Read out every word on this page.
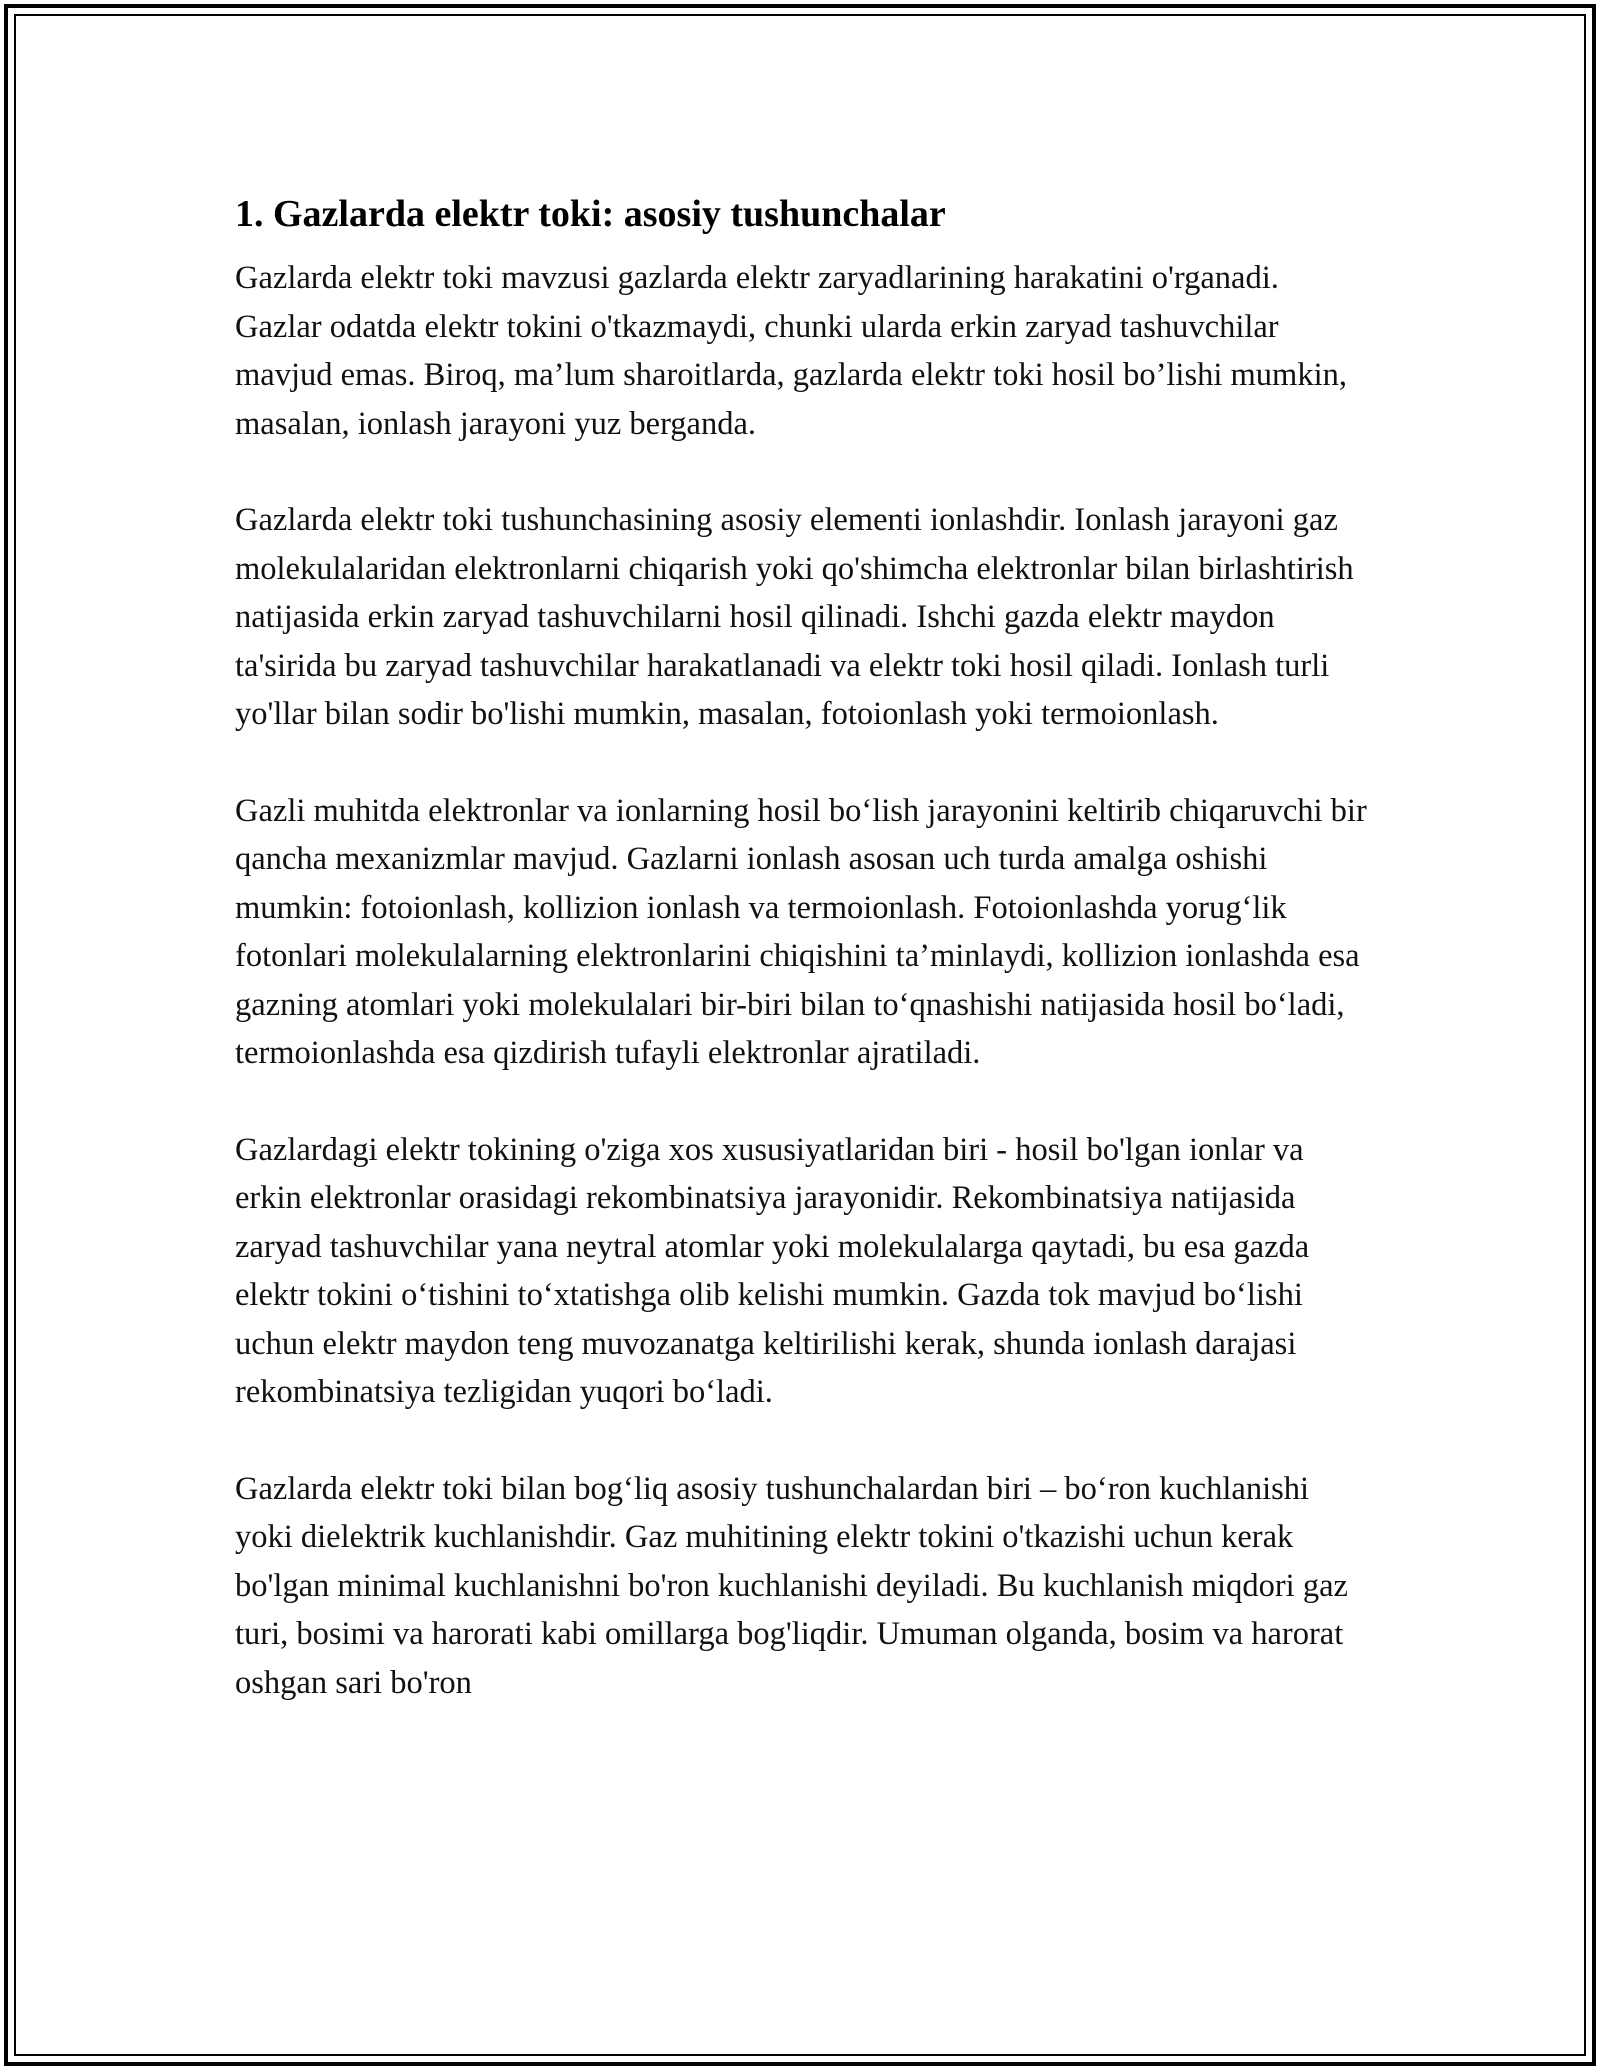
1. Gazlarda elektr toki: asosiy tushunchalar

Gazlarda elektr toki mavzusi gazlarda elektr zaryadlarining harakatini o'rganadi. Gazlar odatda elektr tokini o'tkazmaydi, chunki ularda erkin zaryad tashuvchilar mavjud emas. Biroq, ma’lum sharoitlarda, gazlarda elektr toki hosil bo’lishi mumkin, masalan, ionlash jarayoni yuz berganda.

Gazlarda elektr toki tushunchasining asosiy elementi ionlashdir. Ionlash jarayoni gaz molekulalaridan elektronlarni chiqarish yoki qo'shimcha elektronlar bilan birlashtirish natijasida erkin zaryad tashuvchilarni hosil qilinadi. Ishchi gazda elektr maydon ta'sirida bu zaryad tashuvchilar harakatlanadi va elektr toki hosil qiladi. Ionlash turli yo'llar bilan sodir bo'lishi mumkin, masalan, fotoionlash yoki termoionlash.

Gazli muhitda elektronlar va ionlarning hosil bo‘lish jarayonini keltirib chiqaruvchi bir qancha mexanizmlar mavjud. Gazlarni ionlash asosan uch turda amalga oshishi mumkin: fotoionlash, kollizion ionlash va termoionlash. Fotoionlashda yorug‘lik fotonlari molekulalarning elektronlarini chiqishini ta’minlaydi, kollizion ionlashda esa gazning atomlari yoki molekulalari bir-biri bilan to‘qnashishi natijasida hosil bo‘ladi, termoionlashda esa qizdirish tufayli elektronlar ajratiladi.

Gazlardagi elektr tokining o'ziga xos xususiyatlaridan biri - hosil bo'lgan ionlar va erkin elektronlar orasidagi rekombinatsiya jarayonidir. Rekombinatsiya natijasida zaryad tashuvchilar yana neytral atomlar yoki molekulalarga qaytadi, bu esa gazda elektr tokini o‘tishini to‘xtatishga olib kelishi mumkin. Gazda tok mavjud bo‘lishi uchun elektr maydon teng muvozanatga keltirilishi kerak, shunda ionlash darajasi rekombinatsiya tezligidan yuqori bo‘ladi.

Gazlarda elektr toki bilan bog‘liq asosiy tushunchalardan biri – bo‘ron kuchlanishi yoki dielektrik kuchlanishdir. Gaz muhitining elektr tokini o'tkazishi uchun kerak bo'lgan minimal kuchlanishni bo'ron kuchlanishi deyiladi. Bu kuchlanish miqdori gaz turi, bosimi va harorati kabi omillarga bog'liqdir. Umuman olganda, bosim va harorat oshgan sari bo'ron
